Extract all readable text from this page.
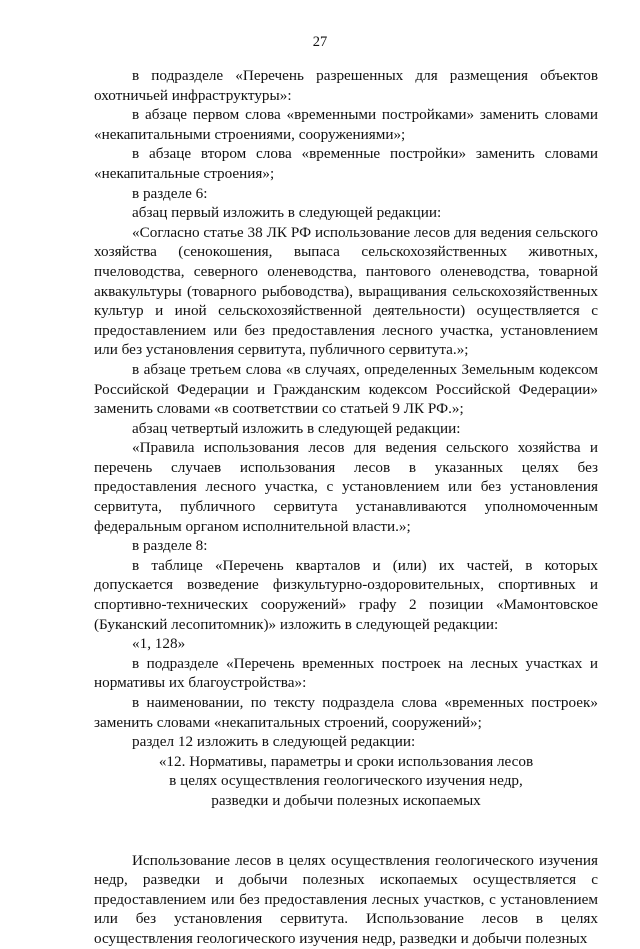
27

в подразделе «Перечень разрешенных для размещения объектов охотничьей инфраструктуры»:

в абзаце первом слова «временными постройками» заменить словами «некапитальными строениями, сооружениями»;

в абзаце втором слова «временные постройки» заменить словами «некапитальные строения»;

в разделе 6:

абзац первый изложить в следующей редакции:

«Согласно статье 38 ЛК РФ использование лесов для ведения сельского хозяйства (сенокошения, выпаса сельскохозяйственных животных, пчеловодства, северного оленеводства, пантового оленеводства, товарной аквакультуры (товарного рыбоводства), выращивания сельскохозяйственных культур и иной сельскохозяйственной деятельности) осуществляется с предоставлением или без предоставления лесного участка, установлением или без установления сервитута, публичного сервитута.»;

в абзаце третьем слова «в случаях, определенных Земельным кодексом Российской Федерации и Гражданским кодексом Российской Федерации» заменить словами «в соответствии со статьей 9 ЛК РФ.»;

абзац четвертый изложить в следующей редакции:

«Правила использования лесов для ведения сельского хозяйства и перечень случаев использования лесов в указанных целях без предоставления лесного участка, с установлением или без установления сервитута, публичного сервитута устанавливаются уполномоченным федеральным органом исполнительной власти.»;

в разделе 8:

в таблице «Перечень кварталов и (или) их частей, в которых допускается возведение физкультурно-оздоровительных, спортивных и спортивно-технических сооружений» графу 2 позиции «Мамонтовское (Буканский лесопитомник)» изложить в следующей редакции:

«1, 128»

в подразделе «Перечень временных построек на лесных участках и нормативы их благоустройства»:

в наименовании, по тексту подраздела слова «временных построек» заменить словами «некапитальных строений, сооружений»;

раздел 12 изложить в следующей редакции:

«12. Нормативы, параметры и сроки использования лесов

в целях осуществления геологического изучения недр,

разведки и добычи полезных ископаемых

Использование лесов в целях осуществления геологического изучения недр, разведки и добычи полезных ископаемых осуществляется с предоставлением или без предоставления лесных участков, с установлением или без установления сервитута. Использование лесов в целях осуществления геологического изучения недр, разведки и добычи полезных
